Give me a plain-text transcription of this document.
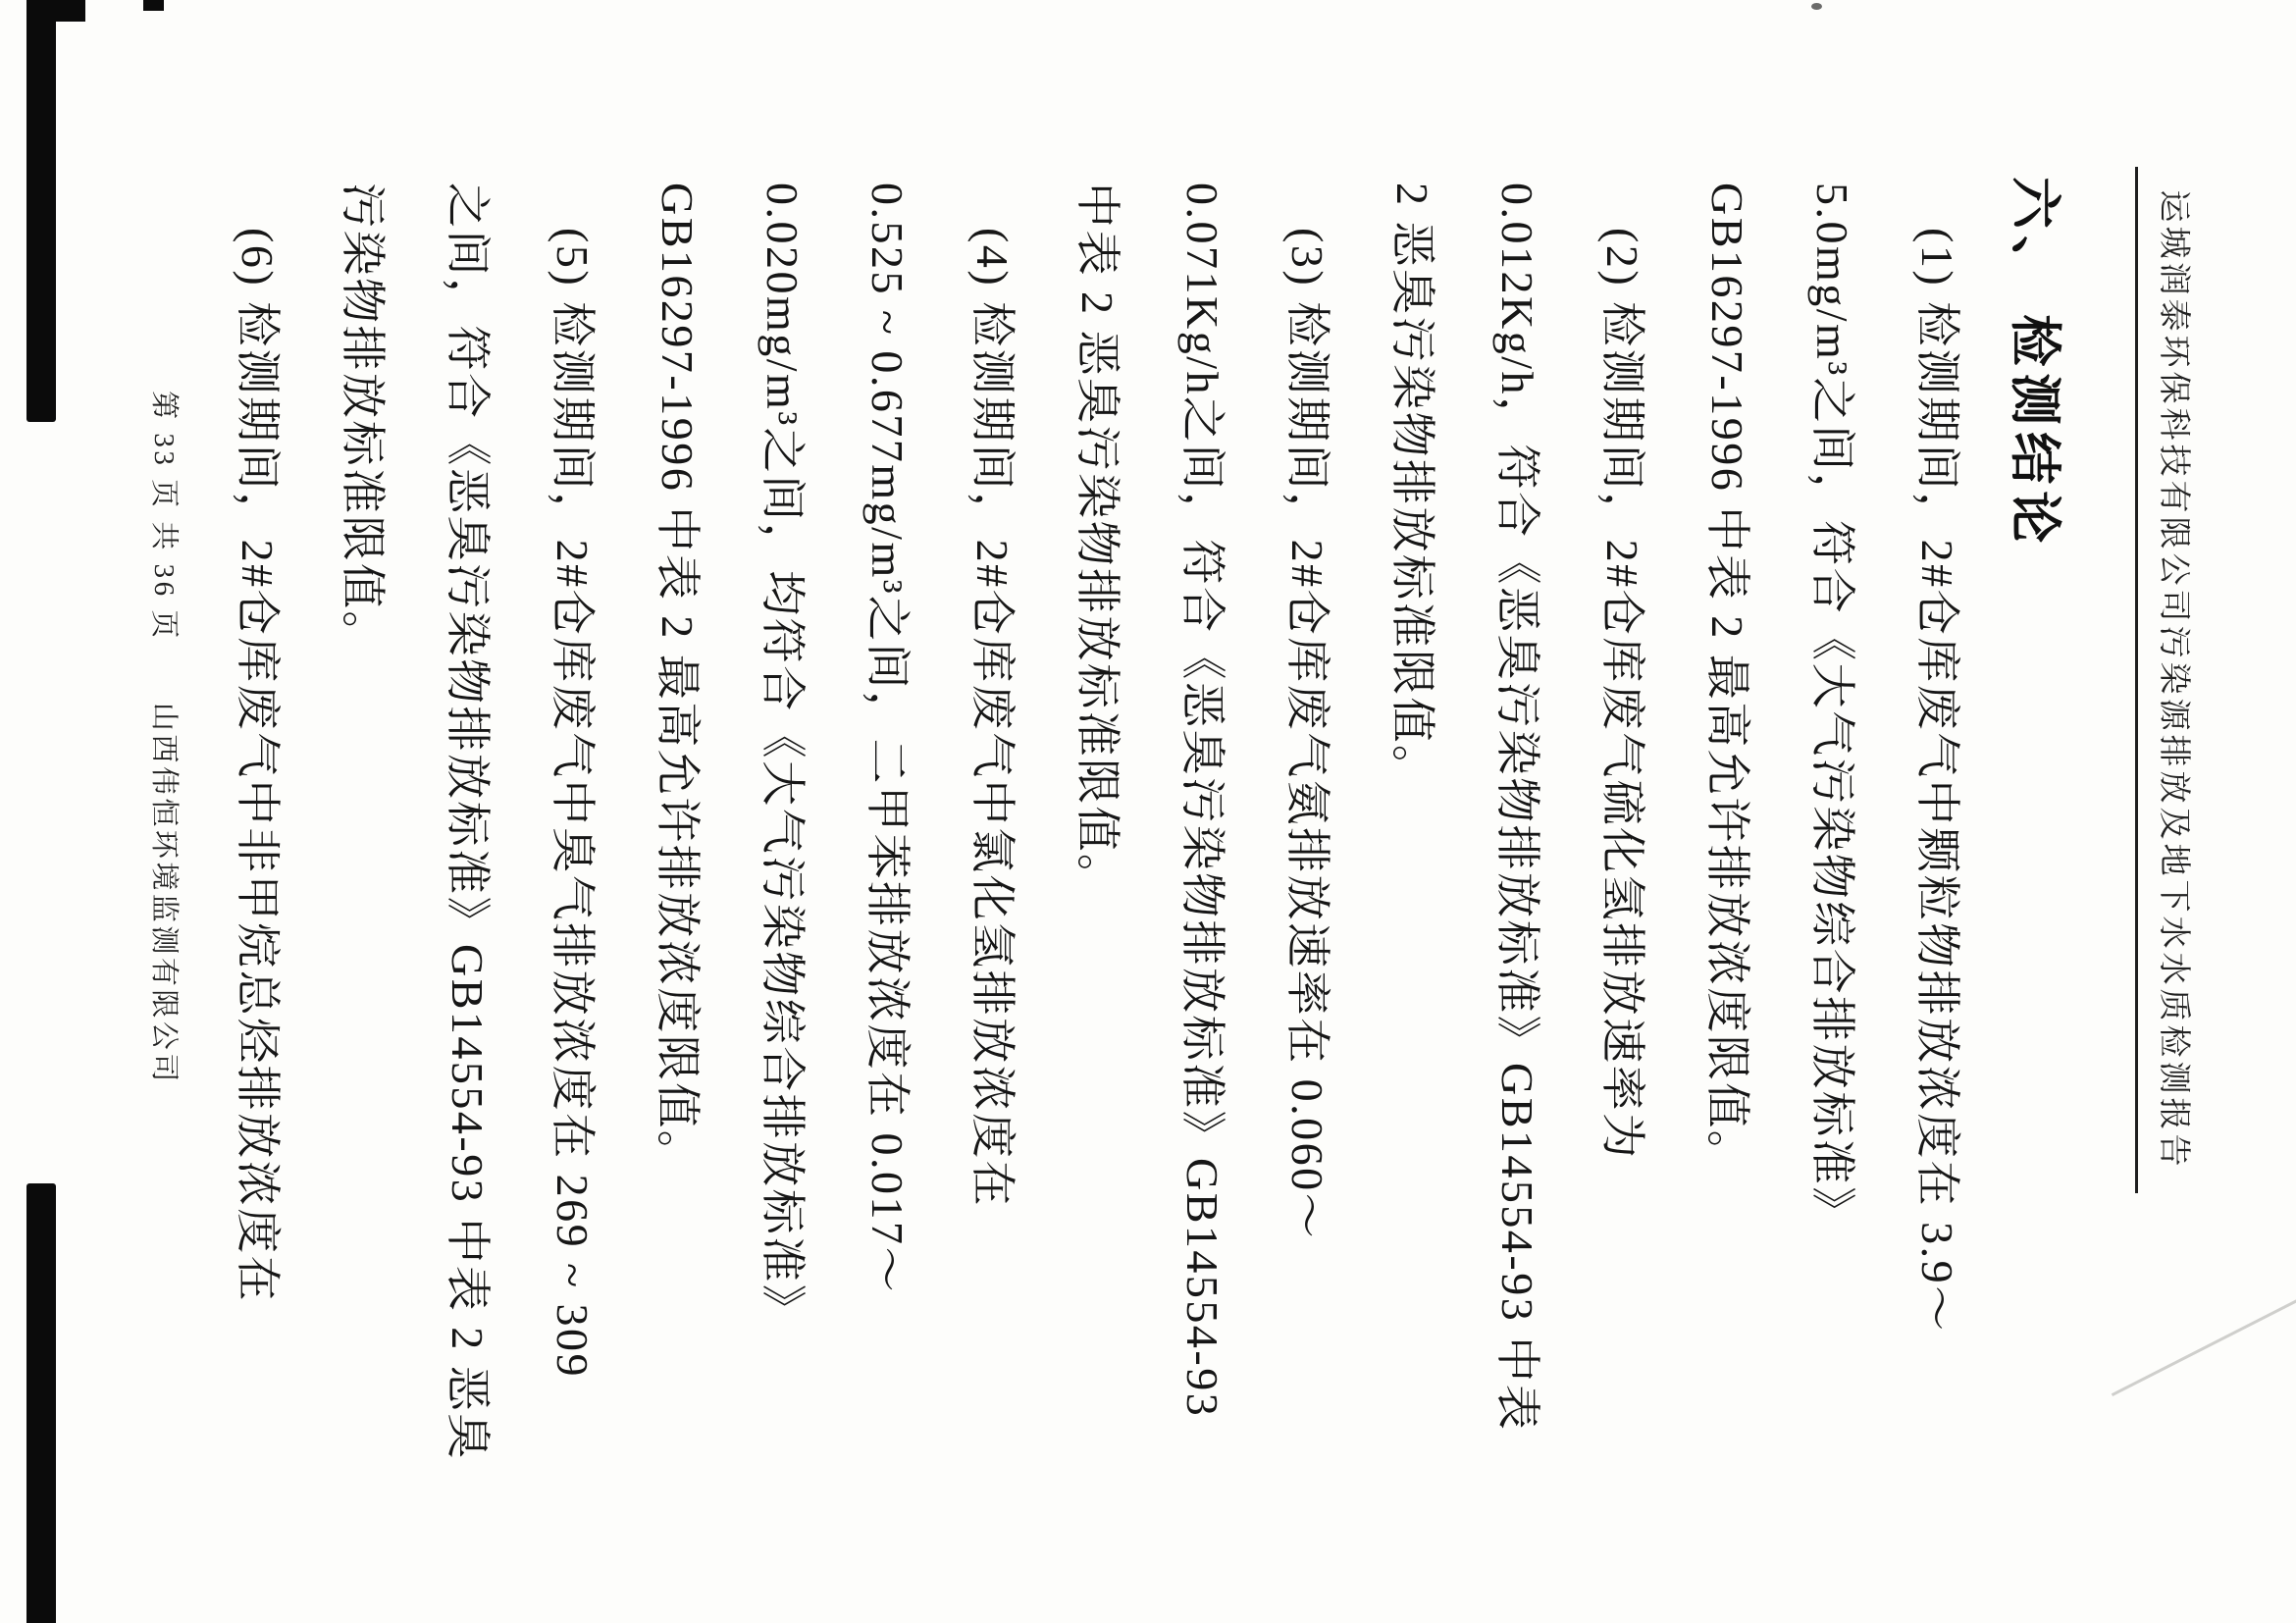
运城润泰环保科技有限公司污染源排放及地下水水质检测报告
六、 检测结论
(1) 检测期间，2#仓库废气中颗粒物排放浓度在 3.9～
5.0mg/m³之间，符合《大气污染物综合排放标准》
GB16297-1996 中表 2 最高允许排放浓度限值。
(2) 检测期间，2#仓库废气硫化氢排放速率为
0.012Kg/h，符合《恶臭污染物排放标准》GB14554-93 中表
2 恶臭污染物排放标准限值。
(3) 检测期间，2#仓库废气氨排放速率在 0.060～
0.071Kg/h之间，符合《恶臭污染物排放标准》GB14554-93
中表 2 恶臭污染物排放标准限值。
(4) 检测期间，2#仓库废气中氯化氢排放浓度在
0.525 ~ 0.677mg/m³之间，二甲苯排放浓度在 0.017～
0.020mg/m³之间，均符合《大气污染物综合排放标准》
GB16297-1996 中表 2 最高允许排放浓度限值。
(5) 检测期间，2#仓库废气中臭气排放浓度在 269 ~ 309
之间，符合《恶臭污染物排放标准》GB14554-93 中表 2 恶臭
污染物排放标准限值。
(6) 检测期间，2#仓库废气中非甲烷总烃排放浓度在
第 33 页 共 36 页
山西伟恒环境监测有限公司
